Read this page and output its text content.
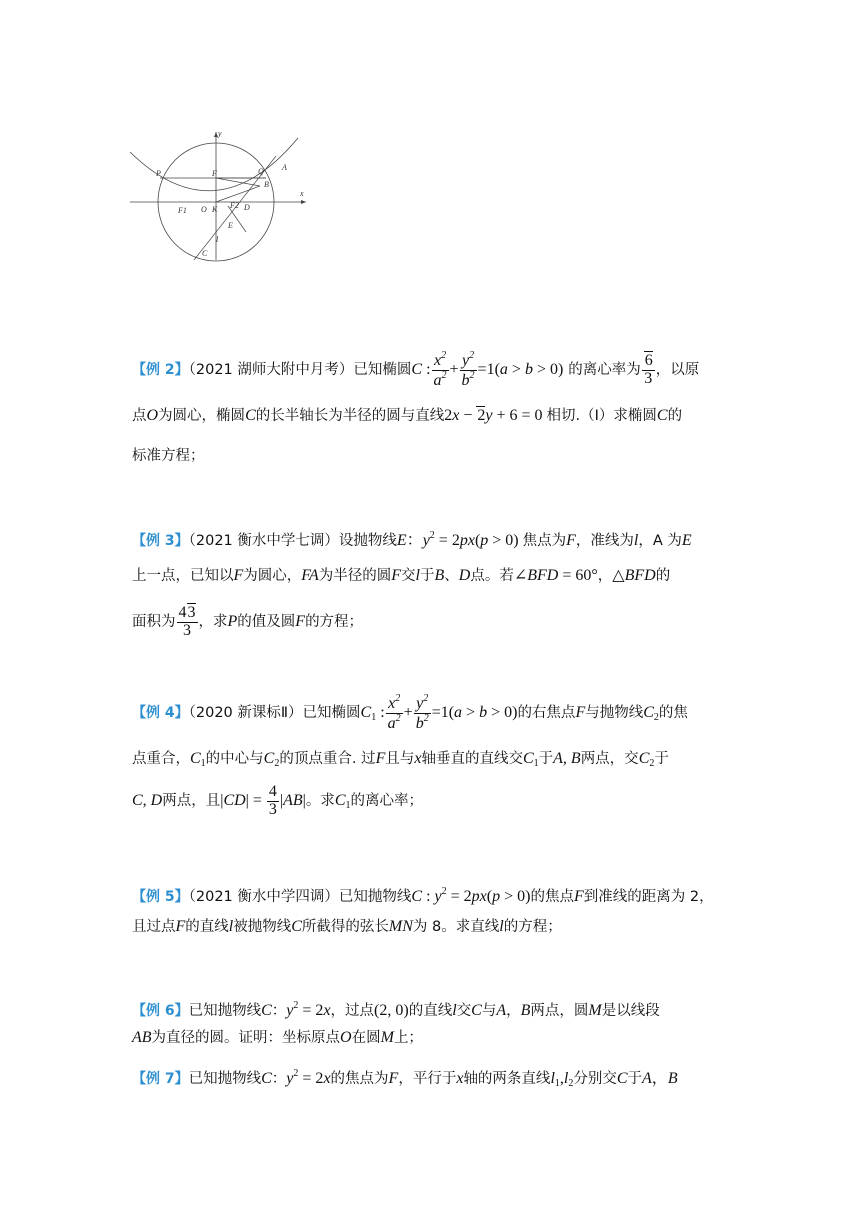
y
x
P	F	Q A
B
F1 O K F2 D
E
l
C
【例 2】（2021 湖师大附中月考）已知椭圆C : $\frac{x^2}{a^2} + \frac{y^2}{b^2} =1(a > b > 0)$ 的离心率为 $\frac{6}{3}$ ，以原
点O为圆心，椭圆C的长半轴长为半径的圆与直线2x − 2y + 6 = 0 相切.（Ⅰ）求椭圆C的
标准方程；
【例 3】（2021 衡水中学七调）设抛物线E：$y^2 = 2px(p > 0)$ 焦点为F，准线为l，A 为E
上一点，已知以F为圆心，FA为半径的圆F交l于B、D点。若∠BFD = 60°，△BFD的
面积为 $\frac{43}{3}$ ，求P的值及圆F的方程；
【例 4】（2020 新课标Ⅱ）已知椭圆$C_1$ : $\frac{x^2}{a^2} + \frac{y^2}{b^2} =1(a > b > 0)$的右焦点F与抛物线$C_2$的焦
点重合，$C_1$的中心与$C_2$的顶点重合. 过F且与x轴垂直的直线交$C_1$于A, B两点，交$C_2$于
C, D两点，且$|CD| = \frac{4}{3} |AB|$。求$C_1$的离心率；
【例 5】（2021 衡水中学四调）已知抛物线C : $y^2 = 2px(p > 0)$的焦点F到准线的距离为 2，
且过点F的直线l被抛物线C所截得的弦长MN为 8。求直线l的方程；
【例 6】已知抛物线C：$y^2 = 2x$，过点(2, 0)的直线l交C与A，B两点，圆M是以线段
AB为直径的圆。证明：坐标原点O在圆M上；
【例 7】已知抛物线C：$y^2 = 2x$的焦点为F，平行于x轴的两条直线$l_1,l_2$分别交C于A，B
